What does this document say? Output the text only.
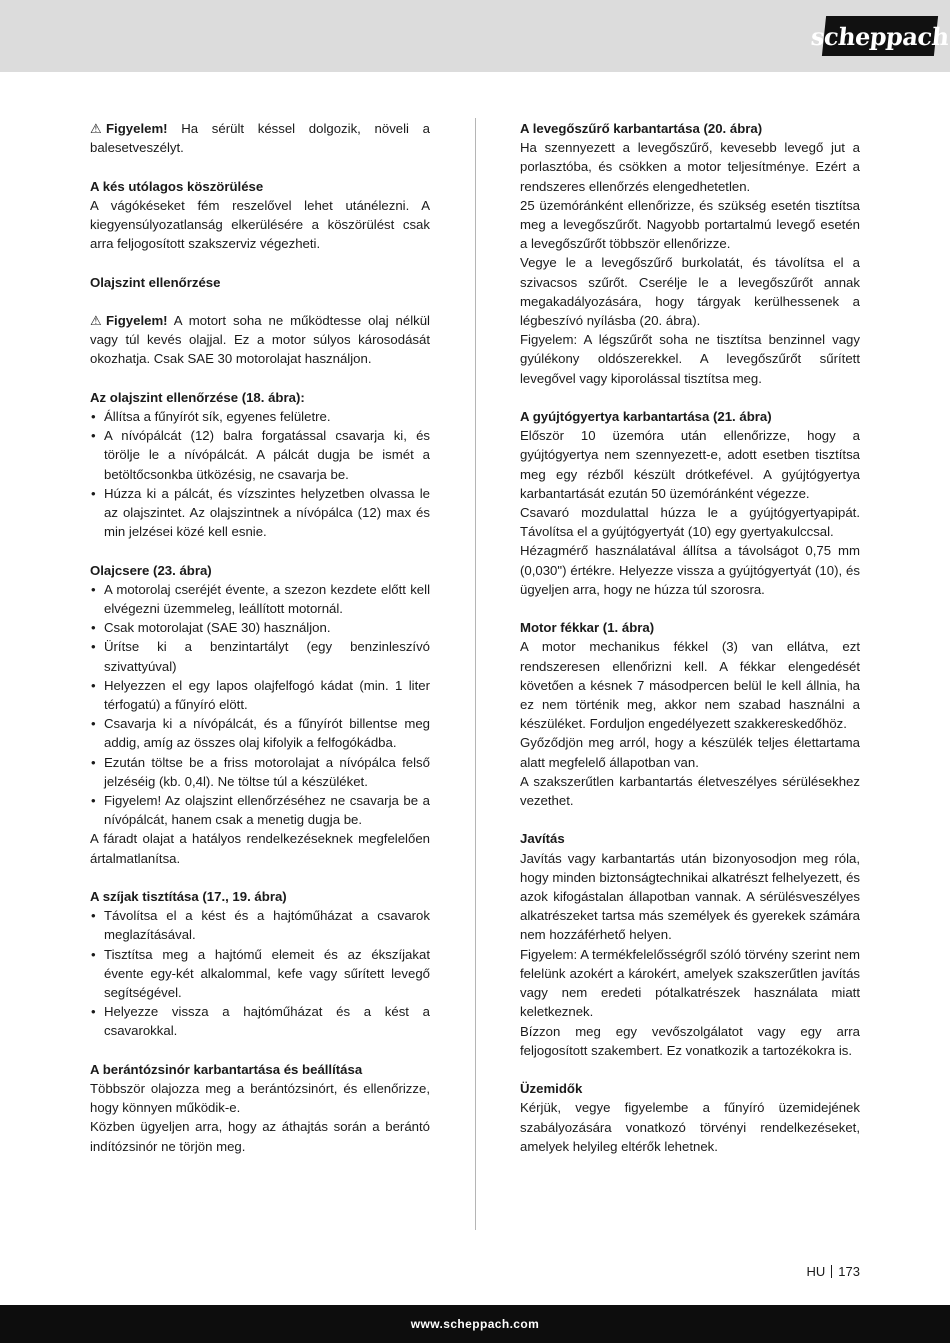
scheppach

⚠ Figyelem! Ha sérült késsel dolgozik, növeli a balesetveszélyt.

A kés utólagos köszörülése

A vágókéseket fém reszelővel lehet utánélezni. A kiegyensúlyozatlanság elkerülésére a köszörülést csak arra feljogosított szakszerviz végezheti.

Olajszint ellenőrzése

⚠ Figyelem! A motort soha ne működtesse olaj nélkül vagy túl kevés olajjal. Ez a motor súlyos károsodását okozhatja. Csak SAE 30 motorolajat használjon.

Az olajszint ellenőrzése (18. ábra):
• Állítsa a fűnyírót sík, egyenes felületre.
• A nívópálcát (12) balra forgatással csavarja ki, és törölje le a nívópálcát. A pálcát dugja be ismét a betöltőcsonkba ütközésig, ne csavarja be.
• Húzza ki a pálcát, és vízszintes helyzetben olvassa le az olajszintet. Az olajszintnek a nívópálca (12) max és min jelzései közé kell esnie.
Olajcsere (23. ábra)
• A motorolaj cseréjét évente, a szezon kezdete előtt kell elvégezni üzemmeleg, leállított motornál.
• Csak motorolajat (SAE 30) használjon.
• Ürítse ki a benzintartályt (egy benzinleszívó szivattyúval)
• Helyezzen el egy lapos olajfelfogó kádat (min. 1 liter térfogatú) a fűnyíró elött.
• Csavarja ki a nívópálcát, és a fűnyírót billentse meg addig, amíg az összes olaj kifolyik a felfogókádba.
• Ezután töltse be a friss motorolajat a nívópálca felső jelzéséig (kb. 0,4l). Ne töltse túl a készüléket.
• Figyelem! Az olajszint ellenőrzéséhez ne csavarja be a nívópálcát, hanem csak a menetig dugja be.

A fáradt olajat a hatályos rendelkezéseknek megfelelően ártalmatlanítsa.

A szíjak tisztítása (17., 19. ábra)
• Távolítsa el a kést és a hajtóműházat a csavarok meglazításával.
• Tisztítsa meg a hajtómű elemeit és az ékszíjakat évente egy-két alkalommal, kefe vagy sűrített levegő segítségével.
• Helyezze vissza a hajtóműházat és a kést a csavarokkal.
A berántózsinór karbantartása és beállítása

Többször olajozza meg a berántózsinórt, és ellenőrizze, hogy könnyen működik-e.

Közben ügyeljen arra, hogy az áthajtás során a berántó indítózsinór ne törjön meg.

A levegőszűrő karbantartása (20. ábra)

Ha szennyezett a levegőszűrő, kevesebb levegő jut a porlasztóba, és csökken a motor teljesítménye. Ezért a rendszeres ellenőrzés elengedhetetlen.

25 üzemóránként ellenőrizze, és szükség esetén tisztítsa meg a levegőszűrőt. Nagyobb portartalmú levegő esetén a levegőszűrőt többször ellenőrizze.

Vegye le a levegőszűrő burkolatát, és távolítsa el a szivacsos szűrőt. Cserélje le a levegőszűrőt annak megakadályozására, hogy tárgyak kerülhessenek a légbeszívó nyílásba (20. ábra).

Figyelem: A légszűrőt soha ne tisztítsa benzinnel vagy gyúlékony oldószerekkel. A levegőszűrőt sűrített levegővel vagy kiporolással tisztítsa meg.

A gyújtógyertya karbantartása (21. ábra)

Először 10 üzemóra után ellenőrizze, hogy a gyújtógyertya nem szennyezett-e, adott esetben tisztítsa meg egy rézből készült drótkefével. A gyújtógyertya karbantartását ezután 50 üzemóránként végezze.

Csavaró mozdulattal húzza le a gyújtógyertyapipát. Távolítsa el a gyújtógyertyát (10) egy gyertyakulccsal.

Hézagmérő használatával állítsa a távolságot 0,75 mm (0,030") értékre. Helyezze vissza a gyújtógyertyát (10), és ügyeljen arra, hogy ne húzza túl szorosra.

Motor fékkar (1. ábra)

A motor mechanikus fékkel (3) van ellátva, ezt rendszeresen ellenőrizni kell. A fékkar elengedését követően a késnek 7 másodpercen belül le kell állnia, ha ez nem történik meg, akkor nem szabad használni a készüléket. Forduljon engedélyezett szakkereskedőhöz.

Győződjön meg arról, hogy a készülék teljes élettartama alatt megfelelő állapotban van.

A szakszerűtlen karbantartás életveszélyes sérülésekhez vezethet.

Javítás

Javítás vagy karbantartás után bizonyosodjon meg róla, hogy minden biztonságtechnikai alkatrészt felhelyezett, és azok kifogástalan állapotban vannak. A sérülésveszélyes alkatrészeket tartsa más személyek és gyerekek számára nem hozzáférhető helyen.

Figyelem: A termékfelelősségről szóló törvény szerint nem felelünk azokért a károkért, amelyek szakszerűtlen javítás vagy nem eredeti pótalkatrészek használata miatt keletkeznek.

Bízzon meg egy vevőszolgálatot vagy egy arra feljogosított szakembert. Ez vonatkozik a tartozékokra is.

Üzemidők

Kérjük, vegye figyelembe a fűnyíró üzemidejének szabályozására vonatkozó törvényi rendelkezéseket, amelyek helyileg eltérők lehetnek.

HU 173
www.scheppach.com
